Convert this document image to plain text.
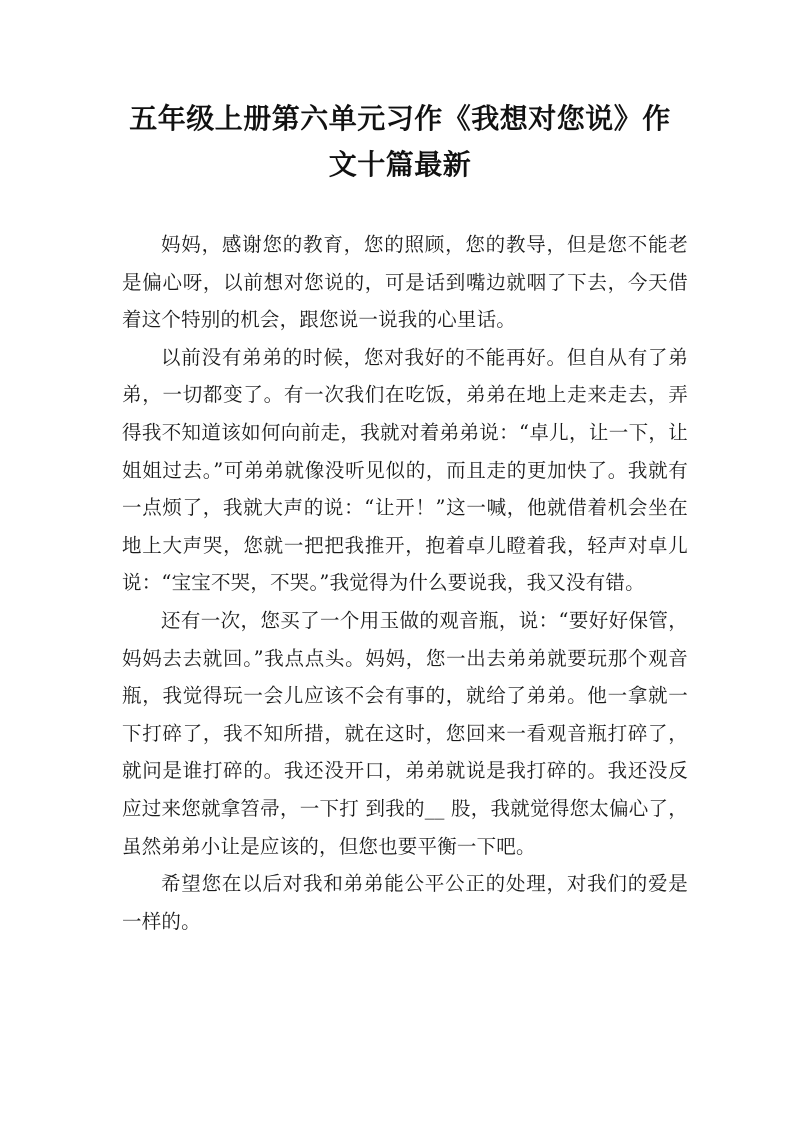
五年级上册第六单元习作《我想对您说》作
文十篇最新

妈妈，感谢您的教育，您的照顾，您的教导，但是您不能老是偏心呀，以前想对您说的，可是话到嘴边就咽了下去，今天借着这个特别的机会，跟您说一说我的心里话。

以前没有弟弟的时候，您对我好的不能再好。但自从有了弟弟，一切都变了。有一次我们在吃饭，弟弟在地上走来走去，弄得我不知道该如何向前走，我就对着弟弟说：“卓儿，让一下，让姐姐过去。”可弟弟就像没听见似的，而且走的更加快了。我就有一点烦了，我就大声的说：“让开！”这一喊，他就借着机会坐在地上大声哭，您就一把把我推开，抱着卓儿瞪着我，轻声对卓儿说：“宝宝不哭，不哭。”我觉得为什么要说我，我又没有错。

还有一次，您买了一个用玉做的观音瓶，说：“要好好保管，妈妈去去就回。”我点点头。妈妈，您一出去弟弟就要玩那个观音瓶，我觉得玩一会儿应该不会有事的，就给了弟弟。他一拿就一下打碎了，我不知所措，就在这时，您回来一看观音瓶打碎了，就问是谁打碎的。我还没开口，弟弟就说是我打碎的。我还没反应过来您就拿笤帚，一下打 到我的__ 股，我就觉得您太偏心了，虽然弟弟小让是应该的，但您也要平衡一下吧。

希望您在以后对我和弟弟能公平公正的处理，对我们的爱是一样的。
